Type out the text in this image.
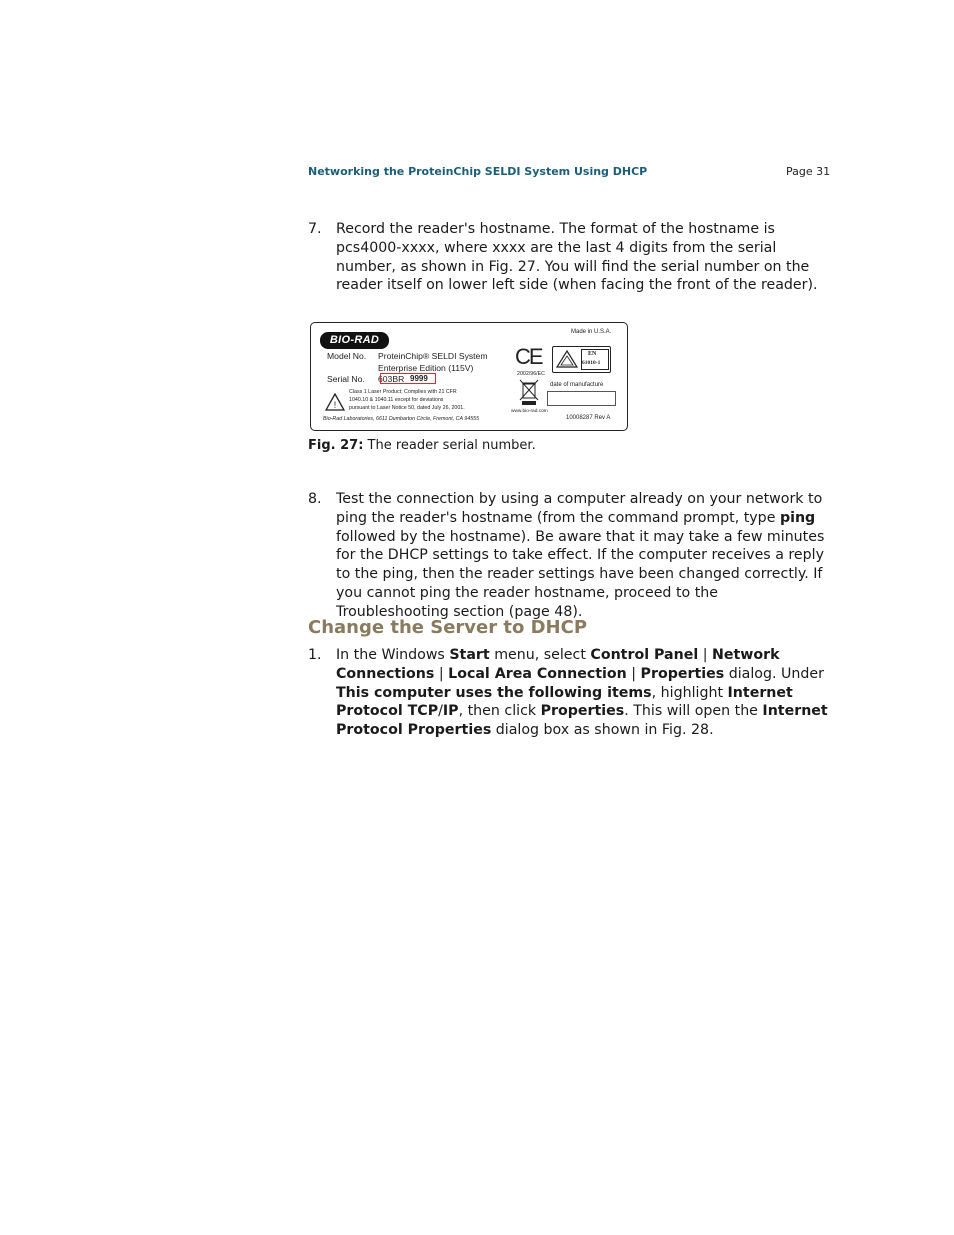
Networking the ProteinChip SELDI System Using DHCP	Page 31
7. Record the reader's hostname. The format of the hostname is pcs4000-xxxx, where xxxx are the last 4 digits from the serial number, as shown in Fig. 27. You will find the serial number on the reader itself on lower left side (when facing the front of the reader).
BIO-RAD
Made in U.S.A.
Model No. ProteinChip® SELDI System
Enterprise Edition (115V)
Serial No. 603BR 9999
!
Class 1 Laser Product; Complies with 21 CFR
1040.10 & 1040.11 except for deviations
pursuant to Laser Notice 50, dated July 26, 2001.
Bio-Rad Laboratories, 6611 Dumbarton Circle, Fremont, CA 94555
CE	EN
61010-1
2002/96/EC
www.bio-rad.com
date of manufacture
10008287 Rev A
Fig. 27: The reader serial number.
8. Test the connection by using a computer already on your network to ping the reader's hostname (from the command prompt, type ping followed by the hostname). Be aware that it may take a few minutes for the DHCP settings to take effect. If the computer receives a reply to the ping, then the reader settings have been changed correctly. If you cannot ping the reader hostname, proceed to the Troubleshooting section (page 48).
Change the Server to DHCP
1. In the Windows Start menu, select Control Panel | Network Connections | Local Area Connection | Properties dialog. Under This computer uses the following items, highlight Internet Protocol TCP/IP, then click Properties. This will open the Internet Protocol Properties dialog box as shown in Fig. 28.
